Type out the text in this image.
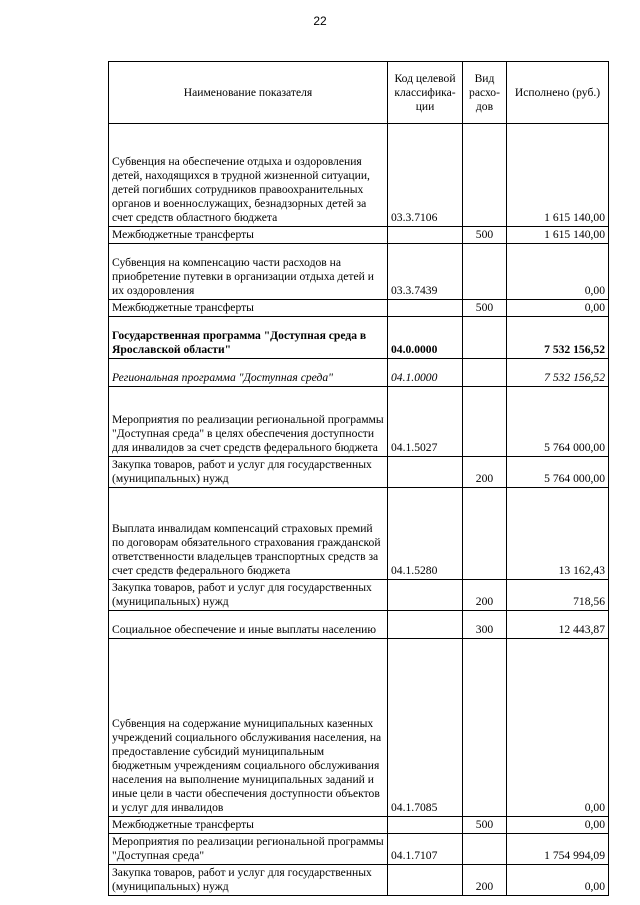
22
Наименование показателя	Код целевой классифика-ции	Вид расхо-дов	Исполнено (руб.)
Субвенция на обеспечение отдыха и оздоровления детей, находящихся в трудной жизненной ситуации, детей погибших сотрудников правоохранительных органов и военнослужащих, безнадзорных детей за счет средств областного бюджета	03.3.7106		1 615 140,00
Межбюджетные трансферты		500	1 615 140,00
Субвенция на компенсацию части расходов на приобретение путевки в организации отдыха детей и их оздоровления	03.3.7439		0,00
Межбюджетные трансферты		500	0,00
Государственная программа "Доступная среда в Ярославской области"	04.0.0000		7 532 156,52
Региональная программа "Доступная среда"	04.1.0000		7 532 156,52
Мероприятия по реализации региональной программы "Доступная среда" в целях обеспечения доступности для инвалидов за счет средств федерального бюджета	04.1.5027		5 764 000,00
Закупка товаров, работ и услуг для государственных (муниципальных) нужд		200	5 764 000,00
Выплата инвалидам компенсаций страховых премий по договорам обязательного страхования гражданской ответственности владельцев транспортных средств за счет средств федерального бюджета	04.1.5280		13 162,43
Закупка товаров, работ и услуг для государственных (муниципальных) нужд		200	718,56
Социальное обеспечение и иные выплаты населению		300	12 443,87
Субвенция на содержание муниципальных казенных учреждений социального обслуживания населения, на предоставление субсидий муниципальным бюджетным учреждениям социального обслуживания населения на выполнение муниципальных заданий и иные цели в части обеспечения доступности объектов и услуг для инвалидов	04.1.7085		0,00
Межбюджетные трансферты		500	0,00
Мероприятия по реализации региональной программы "Доступная среда"	04.1.7107		1 754 994,09
Закупка товаров, работ и услуг для государственных (муниципальных) нужд		200	0,00
